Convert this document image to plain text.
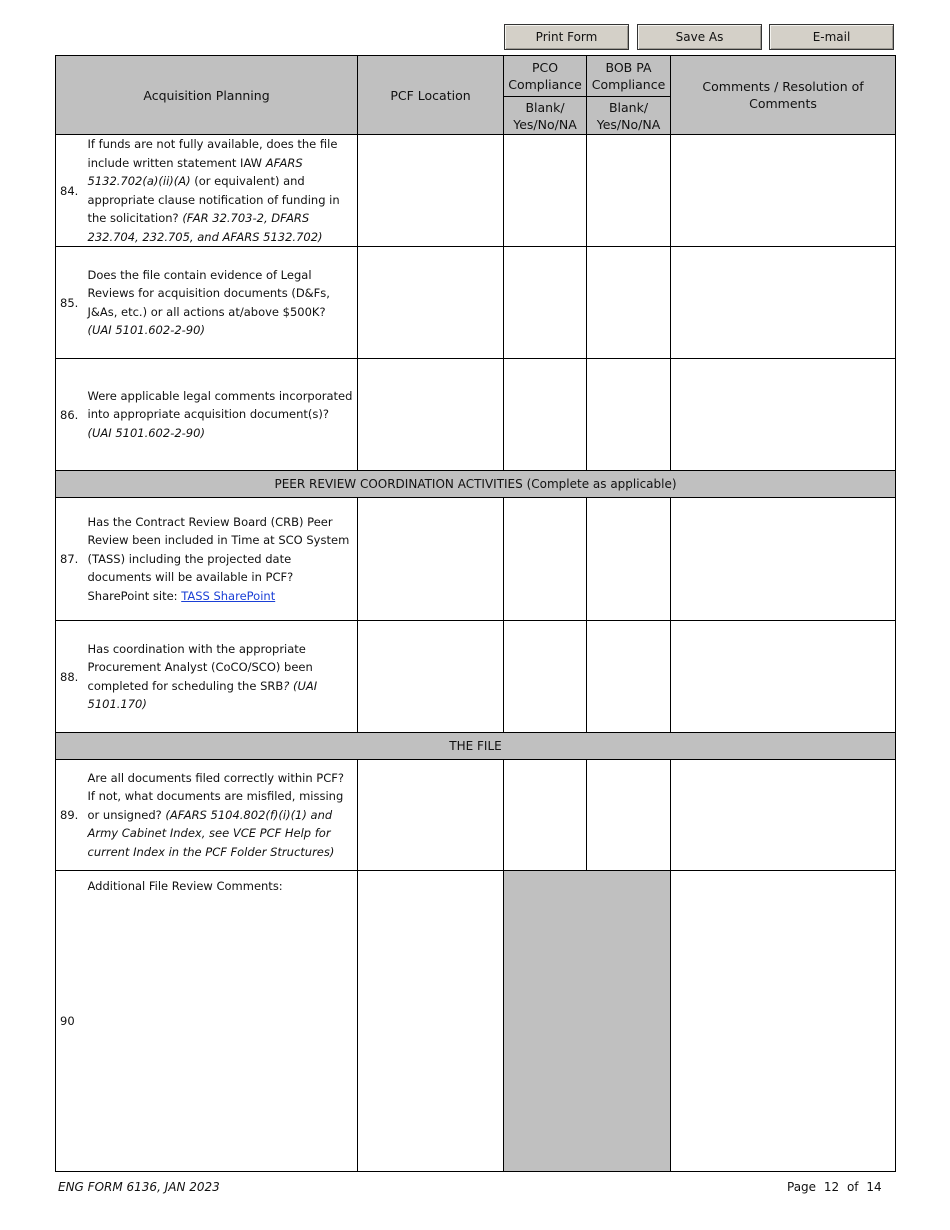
Print Form	Save As	E-mail
Acquisition Planning		PCF Location	PCO Compliance	BOB PA Compliance	Comments / Resolution of Comments
			Blank/ Yes/No/NA	Blank/ Yes/No/NA	
84.	If funds are not fully available, does the file include written statement IAW AFARS 5132.702(a)(ii)(A) (or equivalent) and appropriate clause notification of funding in the solicitation? (FAR 32.703-2, DFARS 232.704, 232.705, and AFARS 5132.702)				
85.	Does the file contain evidence of Legal Reviews for acquisition documents (D&Fs, J&As, etc.) or all actions at/above $500K? (UAI 5101.602-2-90)				
86.	Were applicable legal comments incorporated into appropriate acquisition document(s)? (UAI 5101.602-2-90)				
PEER REVIEW COORDINATION ACTIVITIES (Complete as applicable)					
87.	Has the Contract Review Board (CRB) Peer Review been included in Time at SCO System (TASS) including the projected date documents will be available in PCF? SharePoint site: TASS SharePoint				
88.	Has coordination with the appropriate Procurement Analyst (CoCO/SCO) been completed for scheduling the SRB? (UAI 5101.170)				
THE FILE					
89.	Are all documents filed correctly within PCF? If not, what documents are misfiled, missing or unsigned? (AFARS 5104.802(f)(i)(1) and Army Cabinet Index, see VCE PCF Help for current Index in the PCF Folder Structures)				
90	Additional File Review Comments:				
ENG FORM 6136, JAN 2023	Page 12 of 14
